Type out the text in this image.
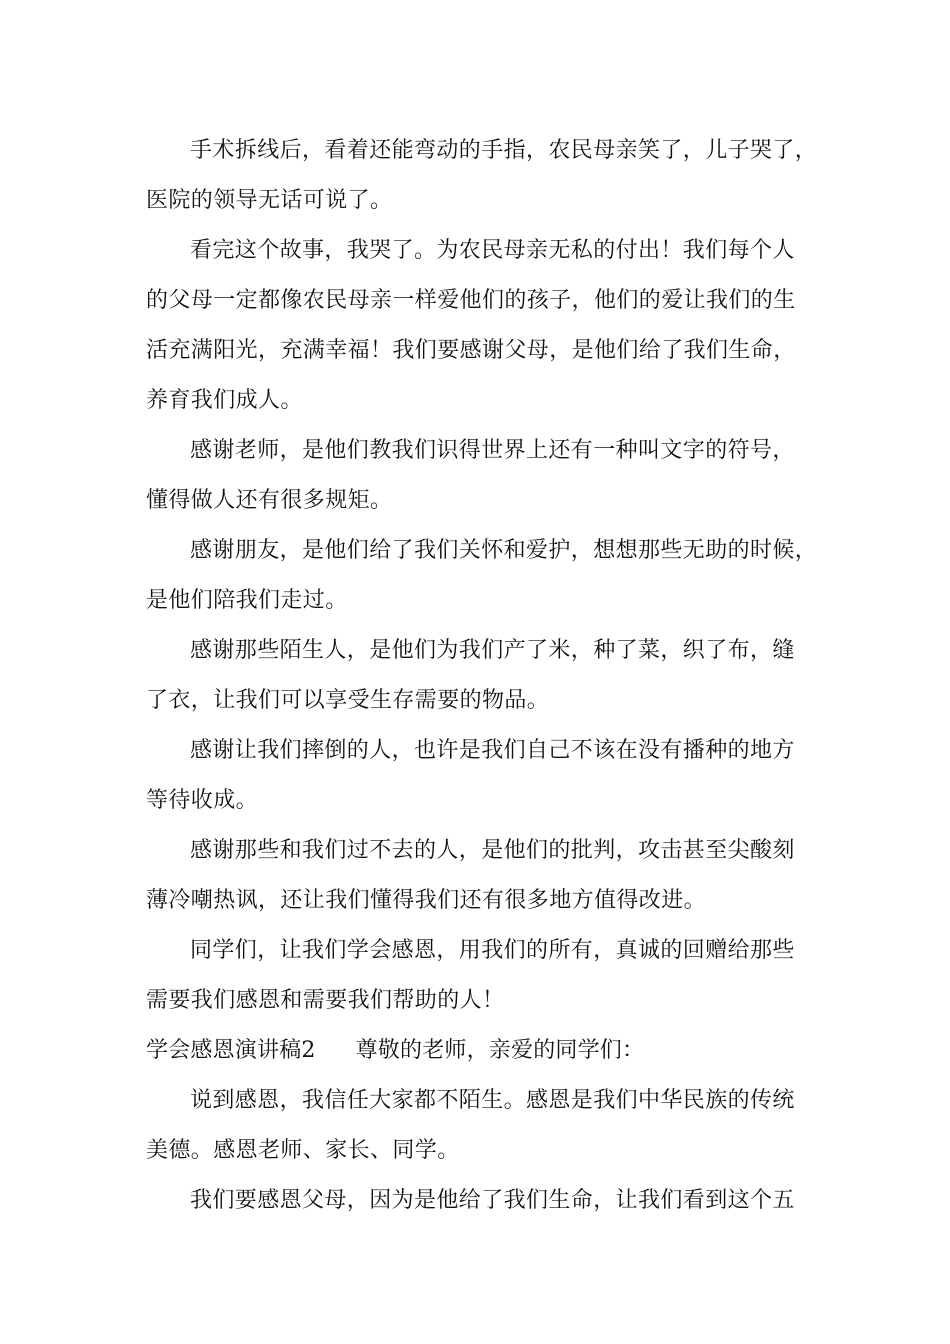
手术拆线后，看着还能弯动的手指，农民母亲笑了，儿子哭了，

医院的领导无话可说了。

看完这个故事，我哭了。为农民母亲无私的付出！我们每个人

的父母一定都像农民母亲一样爱他们的孩子，他们的爱让我们的生

活充满阳光，充满幸福！我们要感谢父母，是他们给了我们生命，

养育我们成人。

感谢老师，是他们教我们识得世界上还有一种叫文字的符号，

懂得做人还有很多规矩。

感谢朋友，是他们给了我们关怀和爱护，想想那些无助的时候，

是他们陪我们走过。

感谢那些陌生人，是他们为我们产了米，种了菜，织了布，缝

了衣，让我们可以享受生存需要的物品。

感谢让我们摔倒的人，也许是我们自己不该在没有播种的地方

等待收成。

感谢那些和我们过不去的人，是他们的批判，攻击甚至尖酸刻

薄冷嘲热讽，还让我们懂得我们还有很多地方值得改进。

同学们，让我们学会感恩，用我们的所有，真诚的回赠给那些

需要我们感恩和需要我们帮助的人！

学会感恩演讲稿2 尊敬的老师，亲爱的同学们：

说到感恩，我信任大家都不陌生。感恩是我们中华民族的传统

美德。感恩老师、家长、同学。

我们要感恩父母，因为是他给了我们生命，让我们看到这个五
